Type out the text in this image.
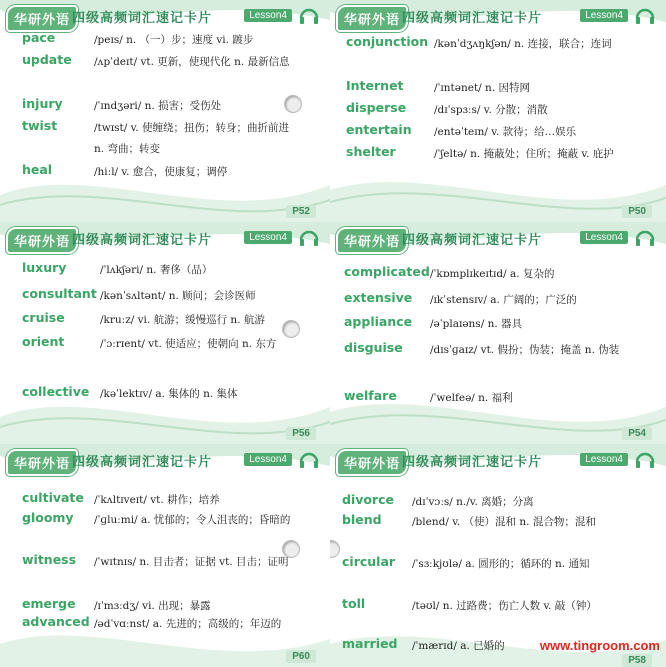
华研外语 四级高频词汇速记卡片	Lesson4
pace	/peɪs/ n. （一）步；速度 vi. 踱步
update /ʌpˈdeɪt/ vt. 更新，使现代化 n. 最新信息
injury	/ˈɪndʒəri/ n. 损害；受伤处
twist	/twɪst/ v. 使缠绕；扭伤；转身；曲折前进 n. 弯曲；转变
heal	/hiːl/ v. 愈合，使康复；调停
P52
华研外语 四级高频词汇速记卡片	Lesson4
conjunction /kənˈdʒʌŋkʃən/ n. 连接，联合；连词
Internet	/ˈɪntənet/ n. 因特网
disperse	/dɪˈspɜːs/ v. 分散；消散
entertain /entəˈteɪn/ v. 款待；给…娱乐
shelter	/ˈʃeltə/ n. 掩蔽处；住所；掩蔽 v. 庇护
P50
华研外语 四级高频词汇速记卡片	Lesson4
luxury	/ˈlʌkʃəri/ n. 奢侈（品）
consultant /kənˈsʌltənt/ n. 顾问；会诊医师
cruise	/kruːz/ vi. 航游；缓慢巡行 n. 航游
orient	/ˈɔːrɪent/ vt. 使适应；使朝向 n. 东方
collective /kəˈlektɪv/ a. 集体的 n. 集体
P56
华研外语 四级高频词汇速记卡片	Lesson4
complicated /ˈkɒmplɪkeɪtɪd/ a. 复杂的
extensive /ɪkˈstensɪv/ a. 广阔的；广泛的
appliance /əˈplaɪəns/ n. 器具
disguise	/dɪsˈɡaɪz/ vt. 假扮；伪装；掩盖 n. 伪装
welfare	/ˈwelfeə/ n. 福利
P54
华研外语 四级高频词汇速记卡片	Lesson4
cultivate /ˈkʌltɪveɪt/ vt. 耕作；培养
gloomy /ˈɡluːmi/ a. 忧郁的；令人沮丧的；昏暗的
witness /ˈwɪtnɪs/ n. 目击者；证据 vt. 目击；证明
emerge /ɪˈmɜːdʒ/ vi. 出现；暴露
advanced /ədˈvɑːnst/ a. 先进的；高级的；年迈的
P60
华研外语 四级高频词汇速记卡片	Lesson4
divorce /dɪˈvɔːs/ n./v. 离婚；分离
blend	/blend/ v. （使）混和 n. 混合物；混和
circular /ˈsɜːkjʊlə/ a. 圆形的；循环的 n. 通知
toll	/təʊl/ n. 过路费；伤亡人数 v. 敲（钟）
married /ˈmærɪd/ a. 已婚的
P58
www.tingroom.com
